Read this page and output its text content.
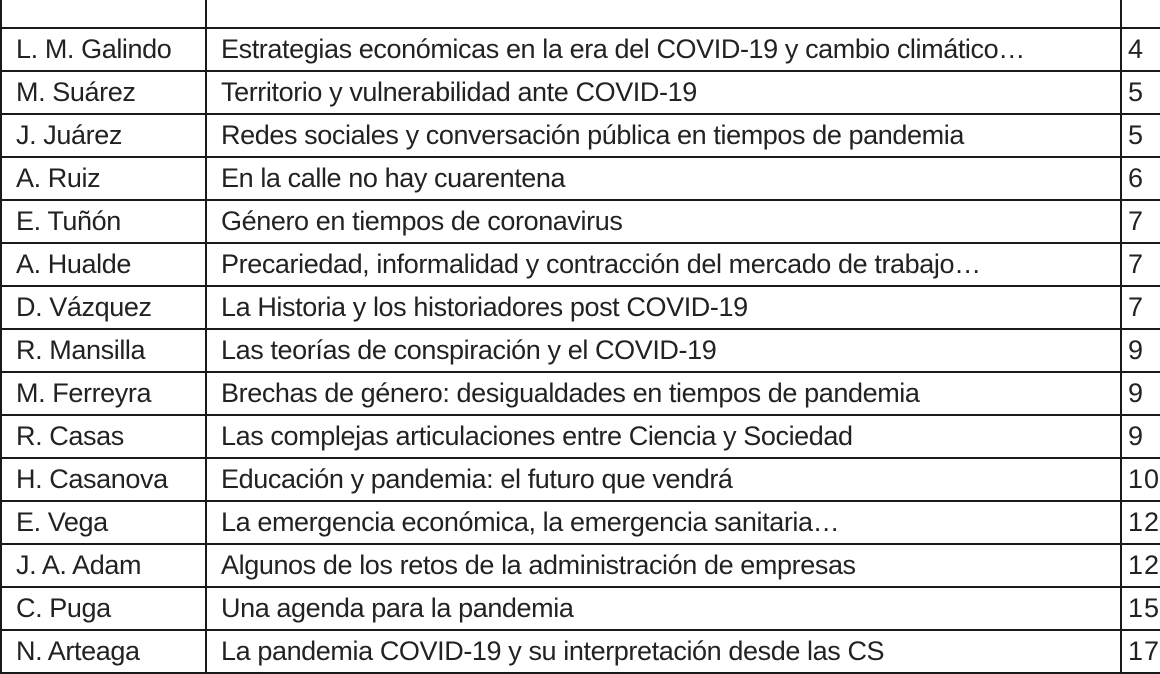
L. M. Galindo	Estrategias económicas en la era del COVID-19 y cambio climático…	4
M. Suárez	Territorio y vulnerabilidad ante COVID-19	5
J. Juárez	Redes sociales y conversación pública en tiempos de pandemia	5
A. Ruiz	En la calle no hay cuarentena	6
E. Tuñón	Género en tiempos de coronavirus	7
A. Hualde	Precariedad, informalidad y contracción del mercado de trabajo…	7
D. Vázquez	La Historia y los historiadores post COVID-19	7
R. Mansilla	Las teorías de conspiración y el COVID-19	9
M. Ferreyra	Brechas de género: desigualdades en tiempos de pandemia	9
R. Casas	Las complejas articulaciones entre Ciencia y Sociedad	9
H. Casanova	Educación y pandemia: el futuro que vendrá	10
E. Vega	La emergencia económica, la emergencia sanitaria…	12
J. A. Adam	Algunos de los retos de la administración de empresas	12
C. Puga	Una agenda para la pandemia	15
N. Arteaga	La pandemia COVID-19 y su interpretación desde las CS	17
